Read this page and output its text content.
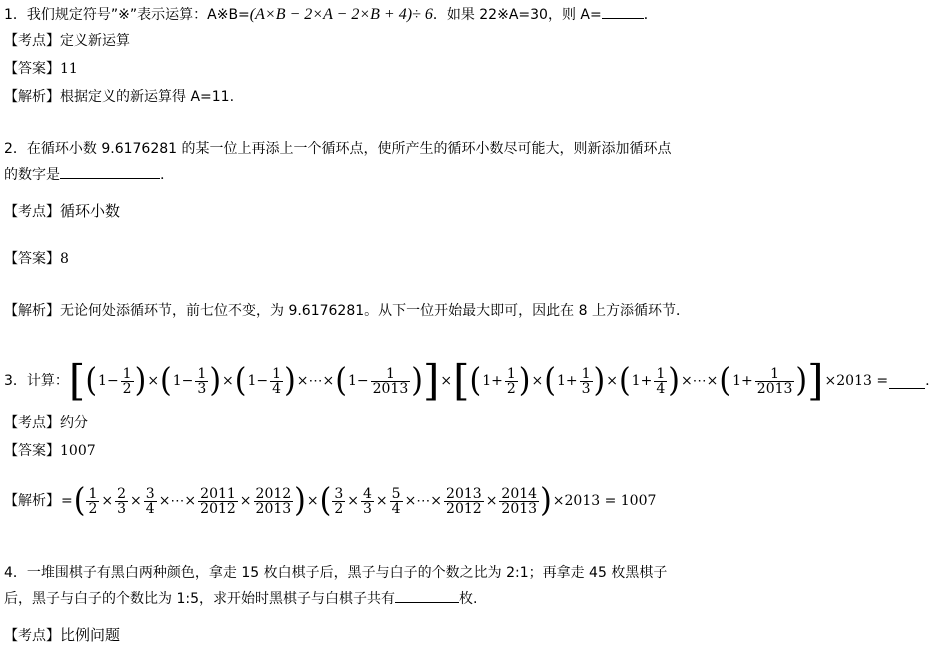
1．我们规定符号”※”表示运算：A※B=(A×B − 2×A − 2×B + 4)÷ 6．如果 22※A=30，则 A=	．
【考点】定义新运算
【答案】11
【解析】根据定义的新运算得 A=11.
2．在循环小数 9.6176281 的某一位上再添上一个循环点，使所产生的循环小数尽可能大，则新添加循环点
的数字是	.
【考点】循环小数
【答案】8
【解析】无论何处添循环节，前七位不变，为 9.6176281。从下一位开始最大即可，因此在 8 上方添循环节．
3．计算： [ ( $1- \frac{1}{2}$ ) × ( $1- \frac{1}{3}$ ) × ( $1- \frac{1}{4}$ ) ×⋯× ( $1- \frac{1}{2013}$ ) ] × [ ( $1+ \frac{1}{2}$ ) × ( $1+ \frac{1}{3}$ ) × ( $1+ \frac{1}{4}$ ) ×⋯× ( $1+ \frac{1}{2013}$ ) ] ×2013 =	.
【考点】约分
【答案】1007
【解析】 = ( $\frac{1}{2} \times \frac{2}{3} \times \frac{3}{4}$ ×⋯× $\frac{2011}{2012} \times \frac{2012}{2013}$ ) × ( $\frac{3}{2} \times \frac{4}{3} \times \frac{5}{4}$ ×⋯× $\frac{2013}{2012} \times \frac{2014}{2013}$ ) ×2013 = 1007
4．一堆围棋子有黑白两种颜色，拿走 15 枚白棋子后，黑子与白子的个数之比为 2:1；再拿走 45 枚黑棋子
后，黑子与白子的个数比为 1:5，求开始时黑棋子与白棋子共有	枚.
【考点】比例问题
